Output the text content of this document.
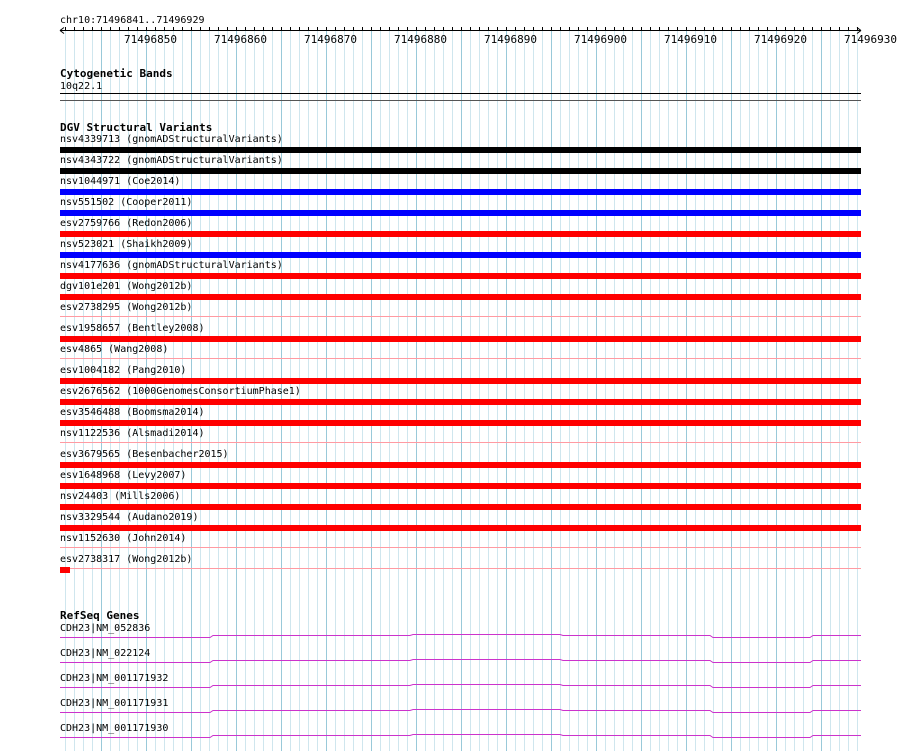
chr10:71496841..71496929
71496850	71496860	71496870	71496880	71496890	71496900	71496910	71496920	71496930
Cytogenetic Bands
10q22.1
DGV Structural Variants
nsv4339713 (gnomADStructuralVariants)
nsv4343722 (gnomADStructuralVariants)
nsv1044971 (Coe2014)
nsv551502 (Cooper2011)
esv2759766 (Redon2006)
nsv523021 (Shaikh2009)
nsv4177636 (gnomADStructuralVariants)
dgv101e201 (Wong2012b)
esv2738295 (Wong2012b)
esv1958657 (Bentley2008)
esv4865 (Wang2008)
esv1004182 (Pang2010)
esv2676562 (1000GenomesConsortiumPhase1)
esv3546488 (Boomsma2014)
nsv1122536 (Alsmadi2014)
esv3679565 (Besenbacher2015)
esv1648968 (Levy2007)
nsv24403 (Mills2006)
nsv3329544 (Audano2019)
nsv1152630 (John2014)
esv2738317 (Wong2012b)
RefSeq Genes
CDH23|NM_052836
CDH23|NM_022124
CDH23|NM_001171932
CDH23|NM_001171931
CDH23|NM_001171930
